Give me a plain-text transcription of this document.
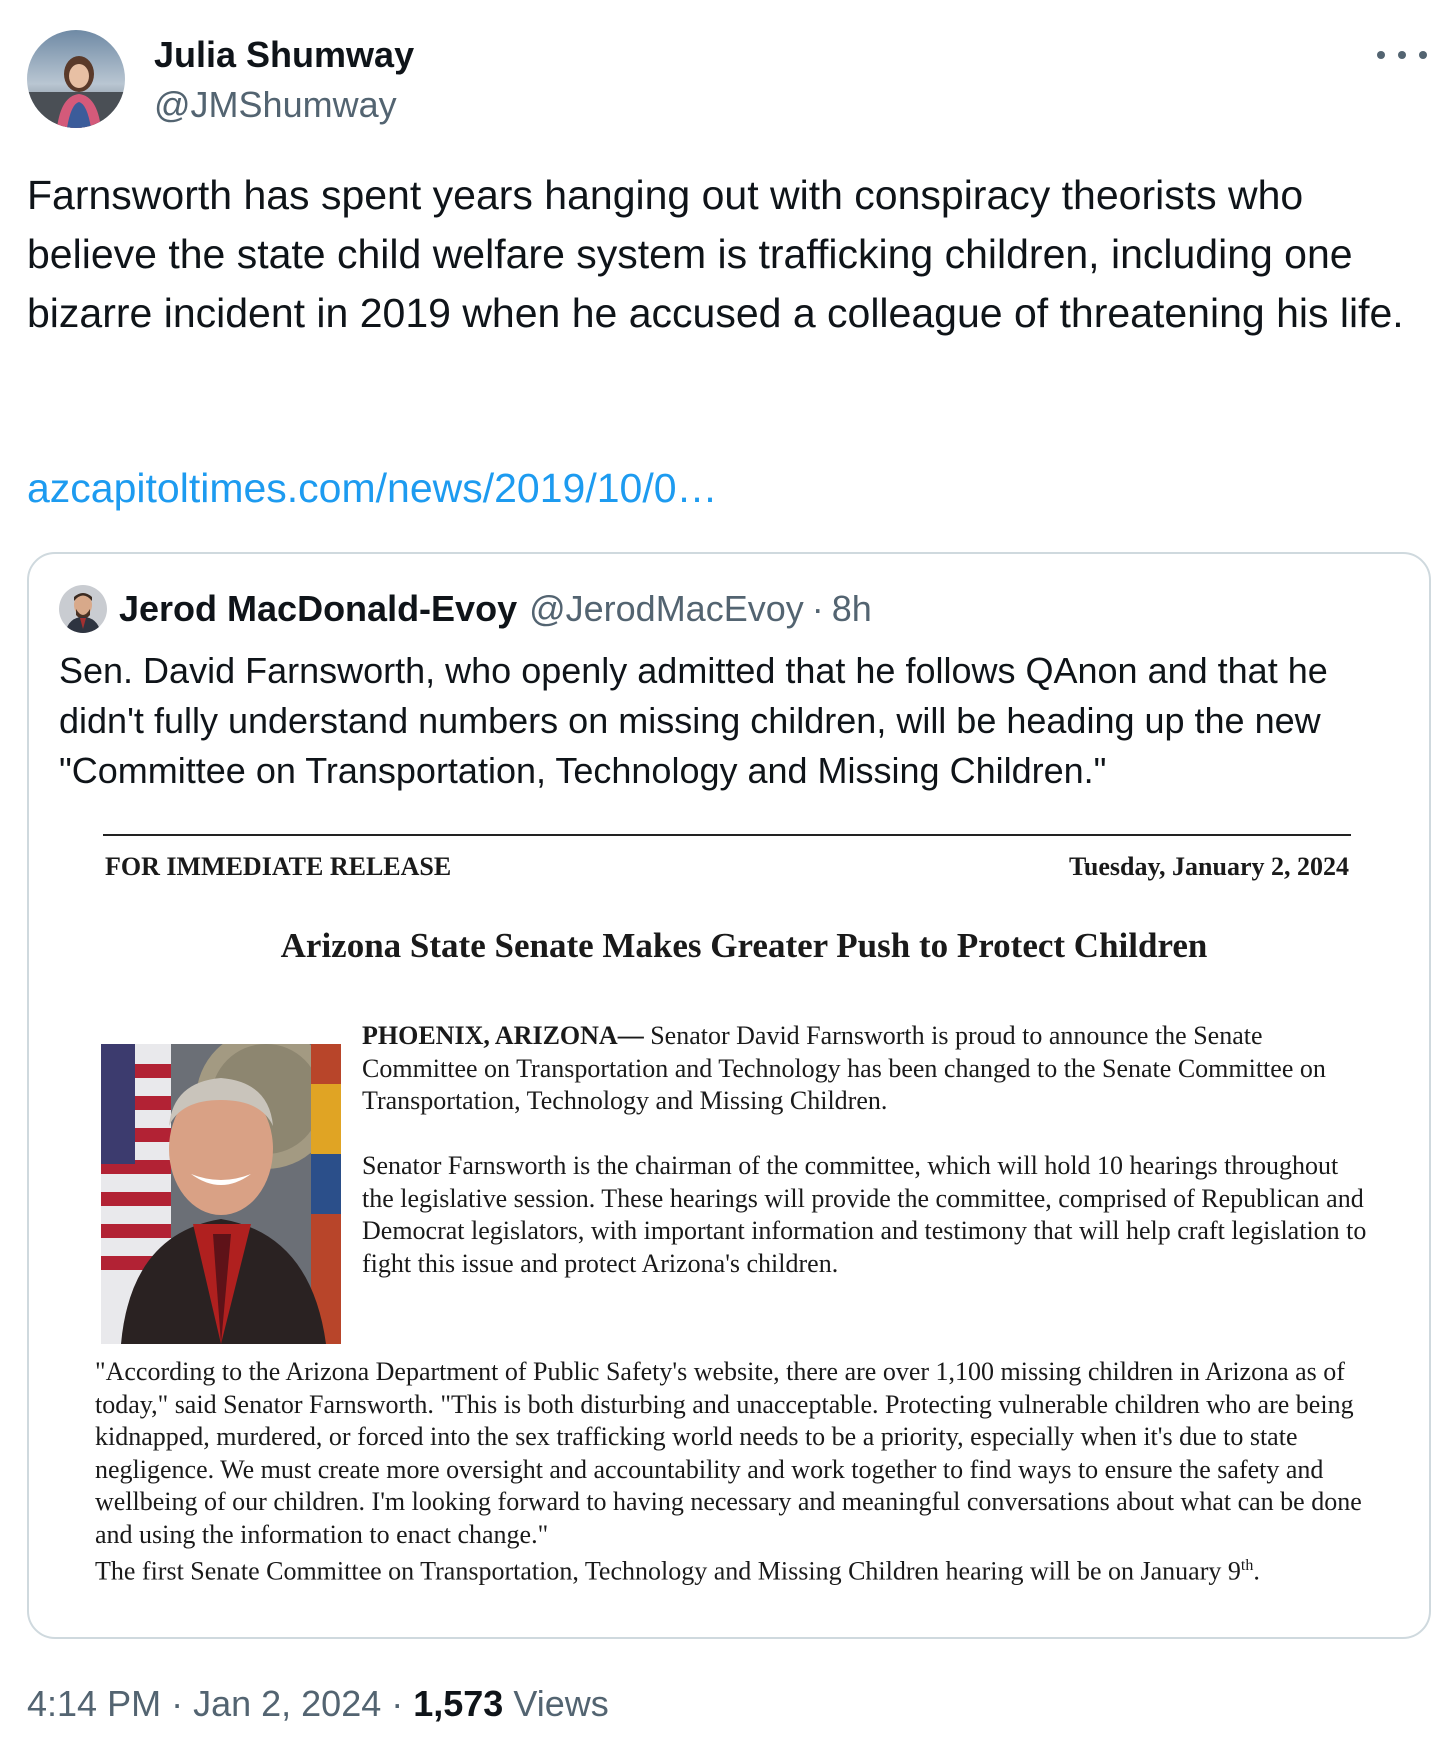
Julia Shumway
@JMShumway
Farnsworth has spent years hanging out with conspiracy theorists who believe the state child welfare system is trafficking children, including one bizarre incident in 2019 when he accused a colleague of threatening his life.
azcapitoltimes.com/news/2019/10/0…
Jerod MacDonald-Evoy @JerodMacEvoy · 8h
Sen. David Farnsworth, who openly admitted that he follows QAnon and that he didn't fully understand numbers on missing children, will be heading up the new "Committee on Transportation, Technology and Missing Children."
FOR IMMEDIATE RELEASE	Tuesday, January 2, 2024
Arizona State Senate Makes Greater Push to Protect Children
PHOENIX, ARIZONA— Senator David Farnsworth is proud to announce the Senate Committee on Transportation and Technology has been changed to the Senate Committee on Transportation, Technology and Missing Children.
Senator Farnsworth is the chairman of the committee, which will hold 10 hearings throughout the legislative session. These hearings will provide the committee, comprised of Republican and Democrat legislators, with important information and testimony that will help craft legislation to fight this issue and protect Arizona's children.
"According to the Arizona Department of Public Safety's website, there are over 1,100 missing children in Arizona as of today," said Senator Farnsworth. "This is both disturbing and unacceptable. Protecting vulnerable children who are being kidnapped, murdered, or forced into the sex trafficking world needs to be a priority, especially when it's due to state negligence. We must create more oversight and accountability and work together to find ways to ensure the safety and wellbeing of our children. I'm looking forward to having necessary and meaningful conversations about what can be done and using the information to enact change."
The first Senate Committee on Transportation, Technology and Missing Children hearing will be on January 9th.
4:14 PM · Jan 2, 2024 · 1,573 Views
